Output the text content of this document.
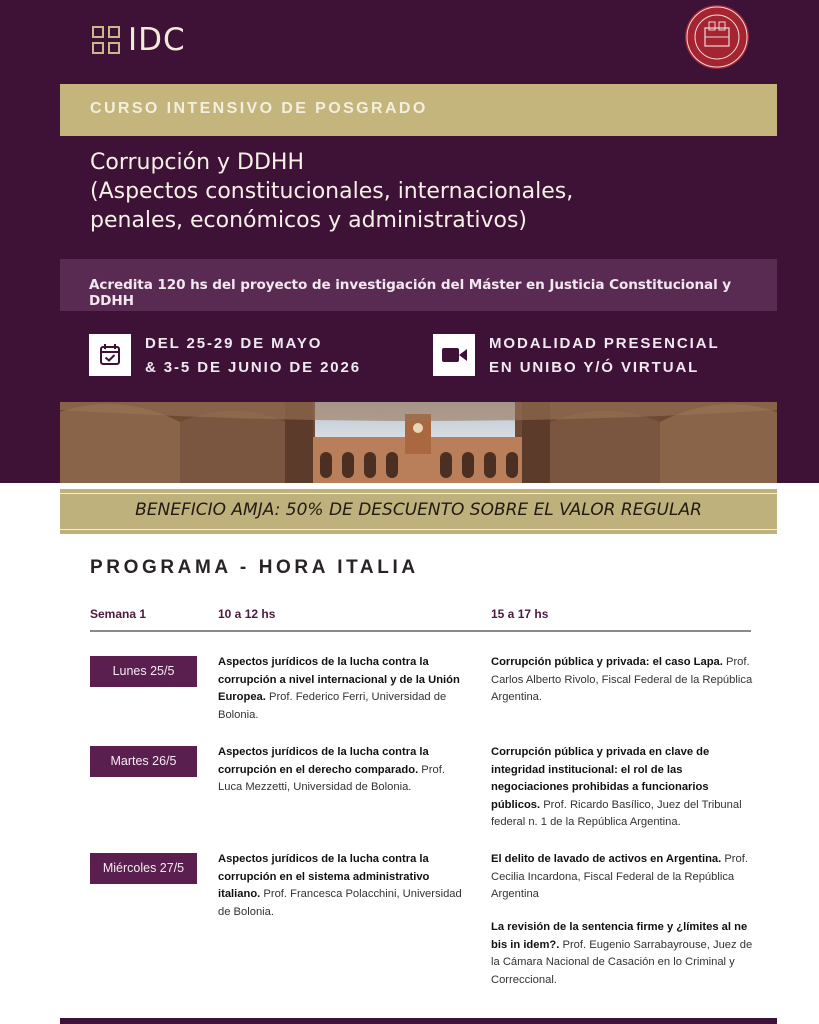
IDC
CURSO INTENSIVO DE POSGRADO
Corrupción y DDHH
(Aspectos constitucionales, internacionales,
penales, económicos y administrativos)
Acredita 120 hs del proyecto de investigación del Máster en Justicia Constitucional y DDHH
DEL 25-29 DE MAYO
& 3-5 DE JUNIO DE 2026
MODALIDAD PRESENCIAL
EN UNIBO Y/Ó VIRTUAL
BENEFICIO AMJA: 50% DE DESCUENTO SOBRE EL VALOR REGULAR
PROGRAMA - HORA ITALIA
Semana 1	10 a 12 hs	15 a 17 hs
Lunes 25/5
Aspectos jurídicos de la lucha contra la corrupción a nivel internacional y de la Unión Europea. Prof. Federico Ferri, Universidad de Bolonia.
Corrupción pública y privada: el caso Lapa. Prof. Carlos Alberto Rivolo, Fiscal Federal de la República Argentina.
Martes 26/5
Aspectos jurídicos de la lucha contra la corrupción en el derecho comparado. Prof. Luca Mezzetti, Universidad de Bolonia.
Corrupción pública y privada en clave de integridad institucional: el rol de las negociaciones prohibidas a funcionarios públicos. Prof. Ricardo Basílico, Juez del Tribunal federal n. 1 de la República Argentina.
Miércoles 27/5
Aspectos jurídicos de la lucha contra la corrupción en el sistema administrativo italiano. Prof. Francesca Polacchini, Universidad de Bolonia.
El delito de lavado de activos en Argentina. Prof. Cecilia Incardona, Fiscal Federal de la República Argentina
La revisión de la sentencia firme y ¿límites al ne bis in idem?. Prof. Eugenio Sarrabayrouse, Juez de la Cámara Nacional de Casación en lo Criminal y Correccional.
